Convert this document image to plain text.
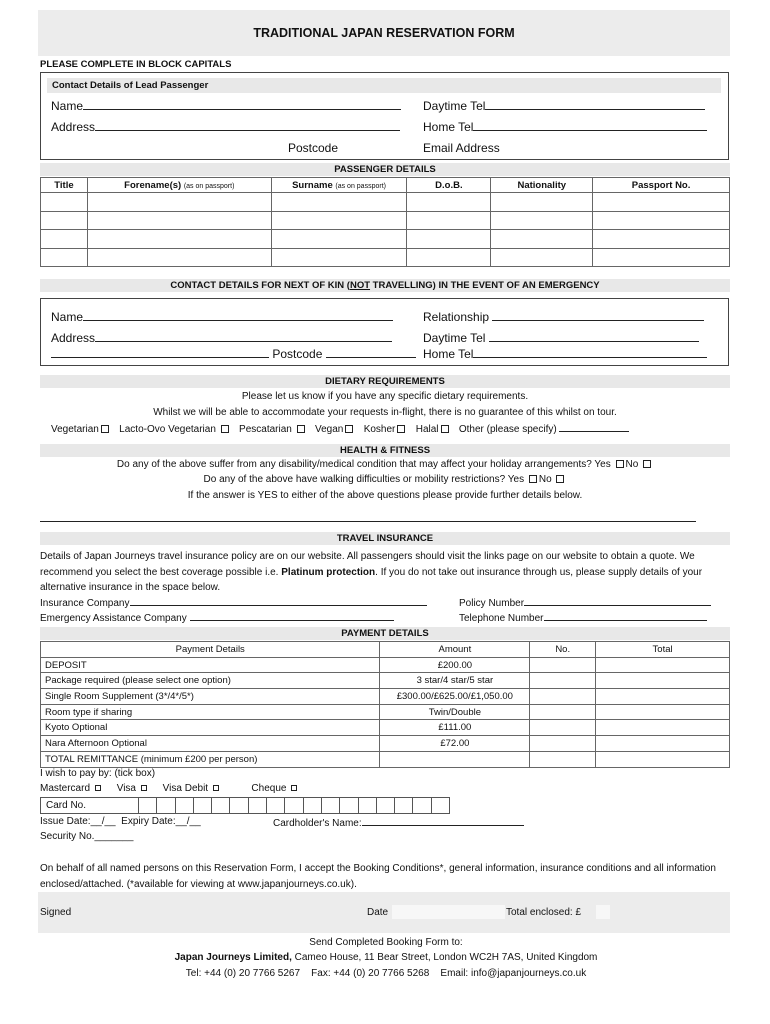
TRADITIONAL JAPAN RESERVATION FORM
PLEASE COMPLETE IN BLOCK CAPITALS
Contact Details of Lead Passenger
Name
Address
Postcode
Daytime Tel
Home Tel
Email Address
PASSENGER DETAILS
Title	Forename(s) (as on passport)	Surname (as on passport)	D.o.B.	Nationality	Passport No.

CONTACT DETAILS FOR NEXT OF KIN (NOT TRAVELLING) IN THE EVENT OF AN EMERGENCY
Name
Address
Postcode
Relationship
Daytime Tel
Home Tel
DIETARY REQUIREMENTS
Please let us know if you have any specific dietary requirements.
Whilst we will be able to accommodate your requests in-flight, there is no guarantee of this whilst on tour.
Vegetarian Lacto-Ovo Vegetarian Pescatarian Vegan Kosher Halal Other (please specify)
HEALTH & FITNESS
Do any of the above suffer from any disability/medical condition that may affect your holiday arrangements? Yes No
Do any of the above have walking difficulties or mobility restrictions? Yes No
If the answer is YES to either of the above questions please provide further details below.
TRAVEL INSURANCE
Details of Japan Journeys travel insurance policy are on our website. All passengers should visit the links page on our website to obtain a quote. We recommend you select the best coverage possible i.e. Platinum protection. If you do not take out insurance through us, please supply details of your alternative insurance in the space below.
Insurance Company
Emergency Assistance Company
Policy Number
Telephone Number
PAYMENT DETAILS
Payment Details	Amount	No.	Total
DEPOSIT	£200.00		
Package required (please select one option)	3 star/4 star/5 star		
Single Room Supplement (3*/4*/5*)	£300.00/£625.00/£1,050.00		
Room type if sharing	Twin/Double		
Kyoto Optional	£111.00		
Nara Afternoon Optional	£72.00		
TOTAL REMITTANCE (minimum £200 per person)			
I wish to pay by: (tick box)
Mastercard	Visa	Visa Debit	Cheque
Card No.
Issue Date:__/__ Expiry Date:__/__	Cardholder's Name:
Security No._______
On behalf of all named persons on this Reservation Form, I accept the Booking Conditions*, general information, insurance conditions and all information enclosed/attached. (*available for viewing at www.japanjourneys.co.uk).
Signed	Date	Total enclosed: £
Send Completed Booking Form to:
Japan Journeys Limited, Cameo House, 11 Bear Street, London WC2H 7AS, United Kingdom
Tel: +44 (0) 20 7766 5267    Fax: +44 (0) 20 7766 5268    Email: info@japanjourneys.co.uk
